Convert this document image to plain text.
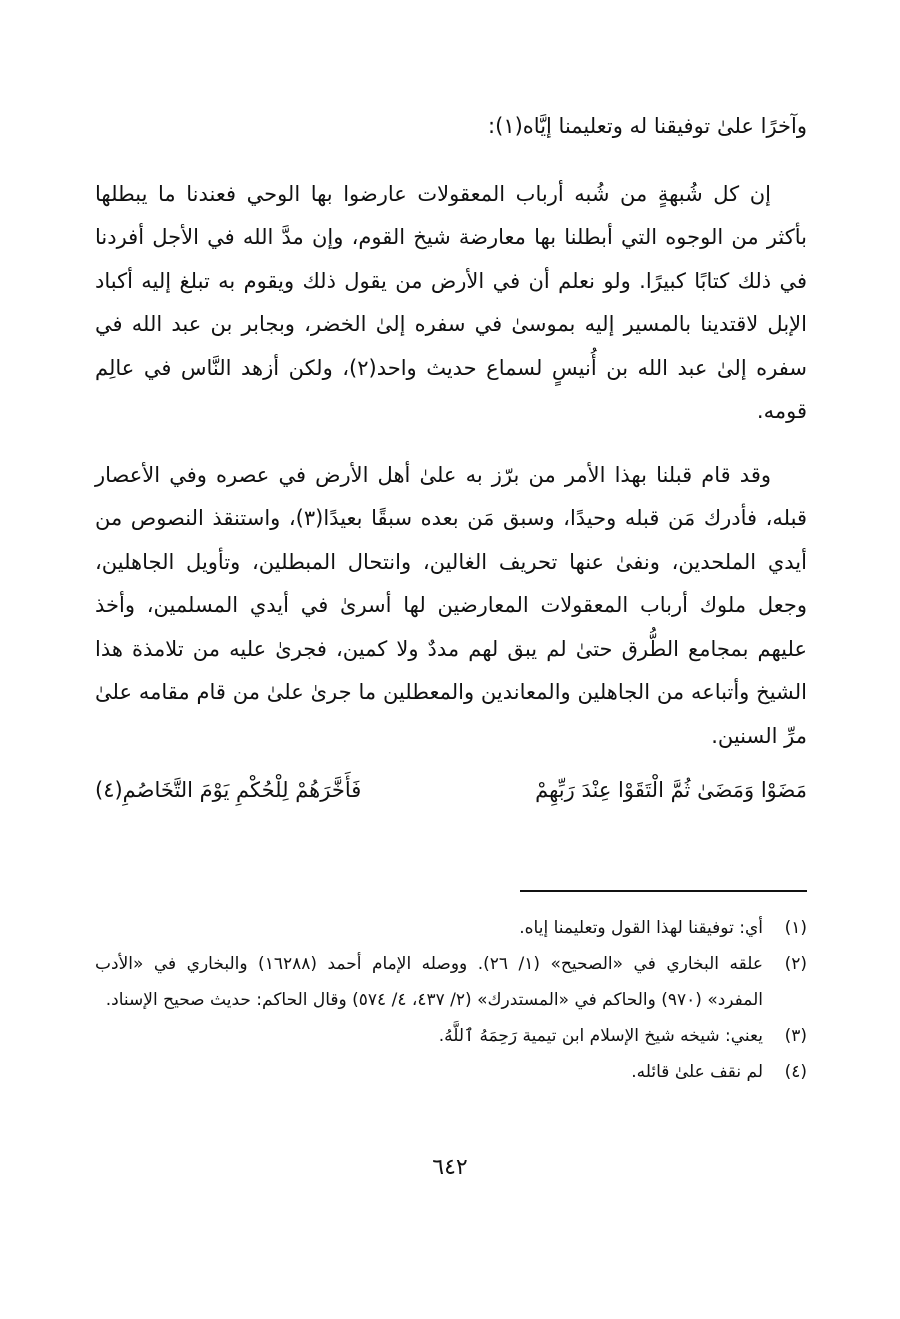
وآخرًا علىٰ توفيقنا له وتعليمنا إيَّاه(١):

إن كل شُبهةٍ من شُبه أرباب المعقولات عارضوا بها الوحي فعندنا ما يبطلها بأكثر من الوجوه التي أبطلنا بها معارضة شيخ القوم، وإن مدَّ الله في الأجل أفردنا في ذلك كتابًا كبيرًا. ولو نعلم أن في الأرض من يقول ذلك ويقوم به تبلغ إليه أكباد الإبل لاقتدينا بالمسير إليه بموسىٰ في سفره إلىٰ الخضر، وبجابر بن عبد الله في سفره إلىٰ عبد الله بن أُنيسٍ لسماع حديث واحد(٢)، ولكن أزهد النَّاس في عالِم قومه.

وقد قام قبلنا بهذا الأمر من برّز به علىٰ أهل الأرض في عصره وفي الأعصار قبله، فأدرك مَن قبله وحيدًا، وسبق مَن بعده سبقًا بعيدًا(٣)، واستنقذ النصوص من أيدي الملحدين، ونفىٰ عنها تحريف الغالين، وانتحال المبطلين، وتأويل الجاهلين، وجعل ملوك أرباب المعقولات المعارضين لها أسرىٰ في أيدي المسلمين، وأخذ عليهم بمجامع الطُّرق حتىٰ لم يبق لهم مددٌ ولا كمين، فجرىٰ عليه من تلامذة هذا الشيخ وأتباعه من الجاهلين والمعاندين والمعطلين ما جرىٰ علىٰ من قام مقامه علىٰ مرِّ السنين.

مَضَوْا وَمَضَىٰ ثُمَّ الْتَقَوْا عِنْدَ رَبِّهِمْ
فَأَخَّرَهُمْ لِلْحُكْمِ يَوْمَ التَّخَاصُمِ(٤)
(١)
أي: توفيقنا لهذا القول وتعليمنا إياه.
(٢)
علقه البخاري في «الصحيح» (١/ ٢٦). ووصله الإمام أحمد (١٦٢٨٨) والبخاري في «الأدب المفرد» (٩٧٠) والحاكم في «المستدرك» (٢/ ٤٣٧، ٤/ ٥٧٤) وقال الحاكم: حديث صحيح الإسناد.
(٣)
يعني: شيخه شيخ الإسلام ابن تيمية رَحِمَهُ ٱللَّهُ.
(٤)
لم نقف علىٰ قائله.
٦٤٢
